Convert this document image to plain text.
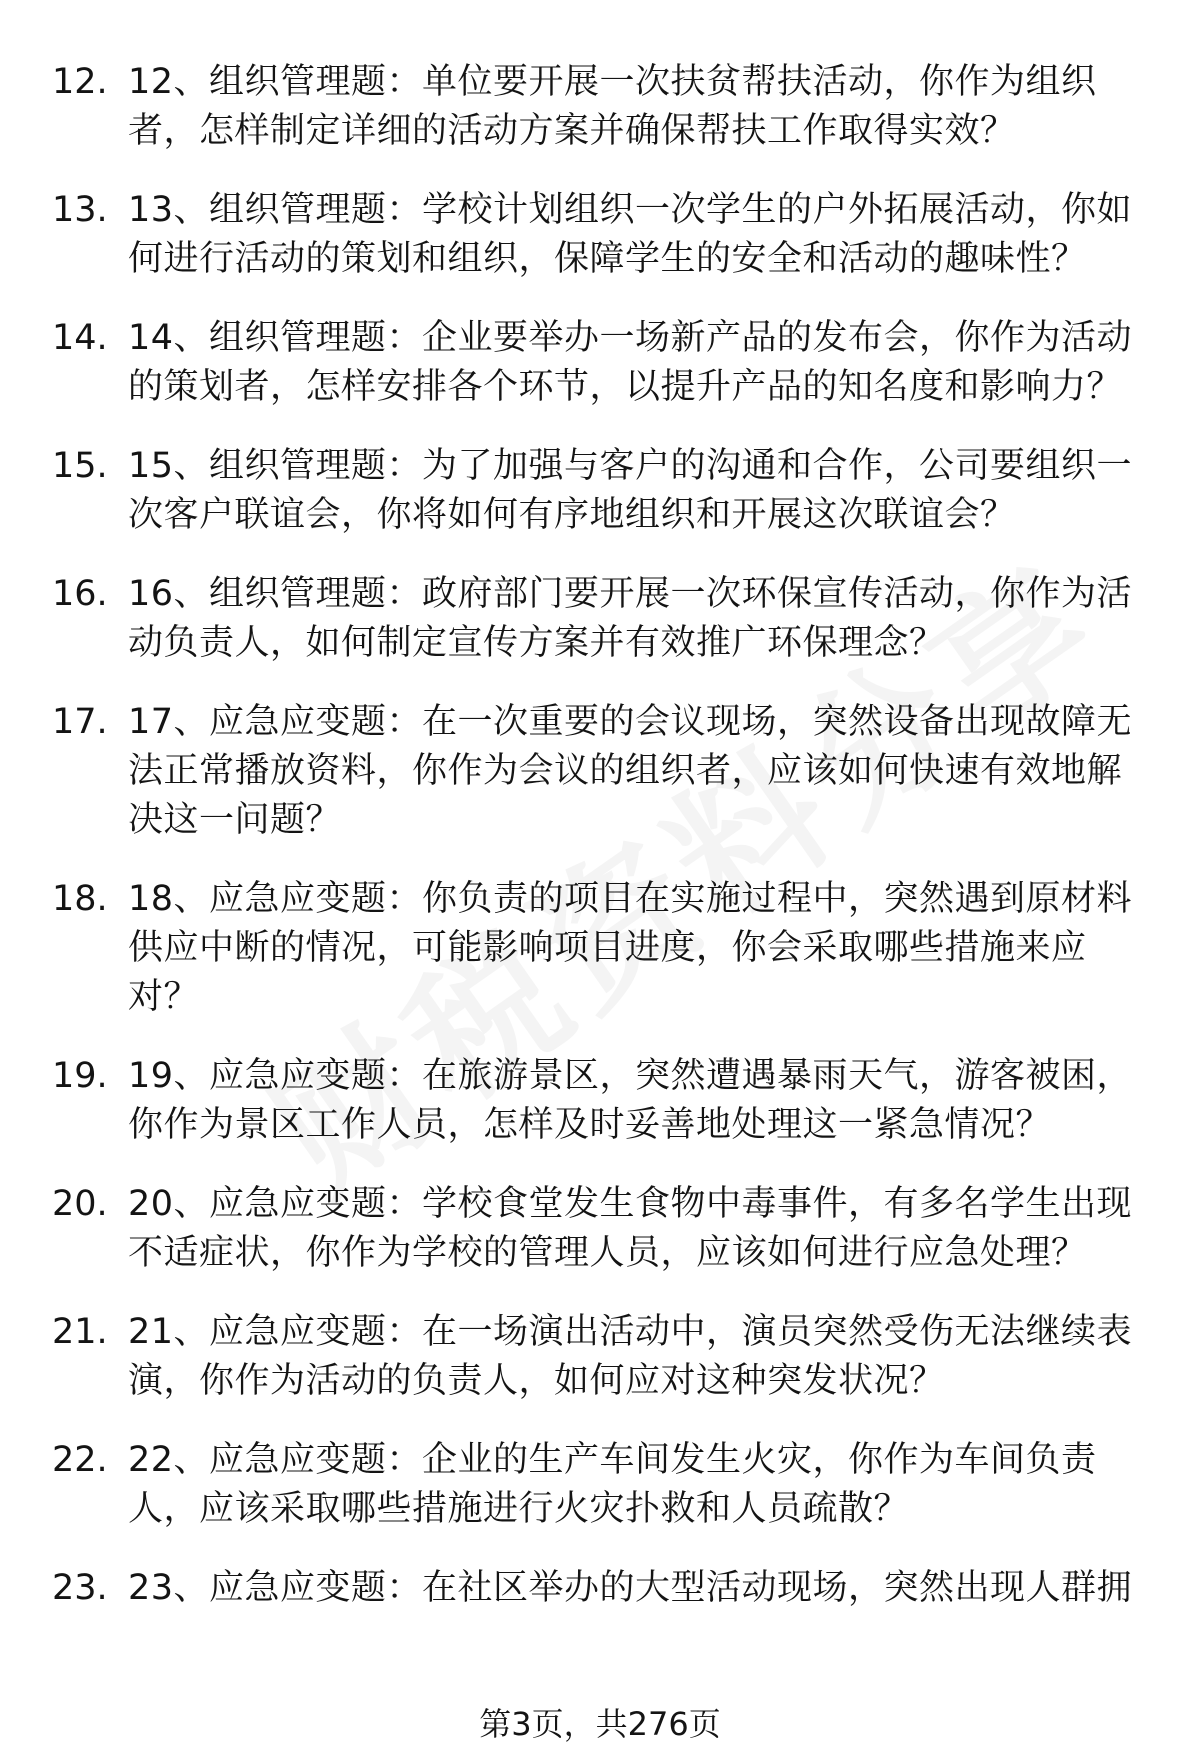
12. 12、组织管理题：单位要开展一次扶贫帮扶活动，你作为组织
者，怎样制定详细的活动方案并确保帮扶工作取得实效？
13. 13、组织管理题：学校计划组织一次学生的户外拓展活动，你如
何进行活动的策划和组织，保障学生的安全和活动的趣味性？
14. 14、组织管理题：企业要举办一场新产品的发布会，你作为活动
的策划者，怎样安排各个环节，以提升产品的知名度和影响力？
15. 15、组织管理题：为了加强与客户的沟通和合作，公司要组织一
次客户联谊会，你将如何有序地组织和开展这次联谊会？
16. 16、组织管理题：政府部门要开展一次环保宣传活动，你作为活
动负责人，如何制定宣传方案并有效推广环保理念？
17. 17、应急应变题：在一次重要的会议现场，突然设备出现故障无
法正常播放资料，你作为会议的组织者，应该如何快速有效地解
决这一问题？
18. 18、应急应变题：你负责的项目在实施过程中，突然遇到原材料
供应中断的情况，可能影响项目进度，你会采取哪些措施来应
对？
19. 19、应急应变题：在旅游景区，突然遭遇暴雨天气，游客被困，
你作为景区工作人员，怎样及时妥善地处理这一紧急情况？
20. 20、应急应变题：学校食堂发生食物中毒事件，有多名学生出现
不适症状，你作为学校的管理人员，应该如何进行应急处理？
21. 21、应急应变题：在一场演出活动中，演员突然受伤无法继续表
演，你作为活动的负责人，如何应对这种突发状况？
22. 22、应急应变题：企业的生产车间发生火灾，你作为车间负责
人，应该采取哪些措施进行火灾扑救和人员疏散？
23. 23、应急应变题：在社区举办的大型活动现场，突然出现人群拥
第3页，共276页
